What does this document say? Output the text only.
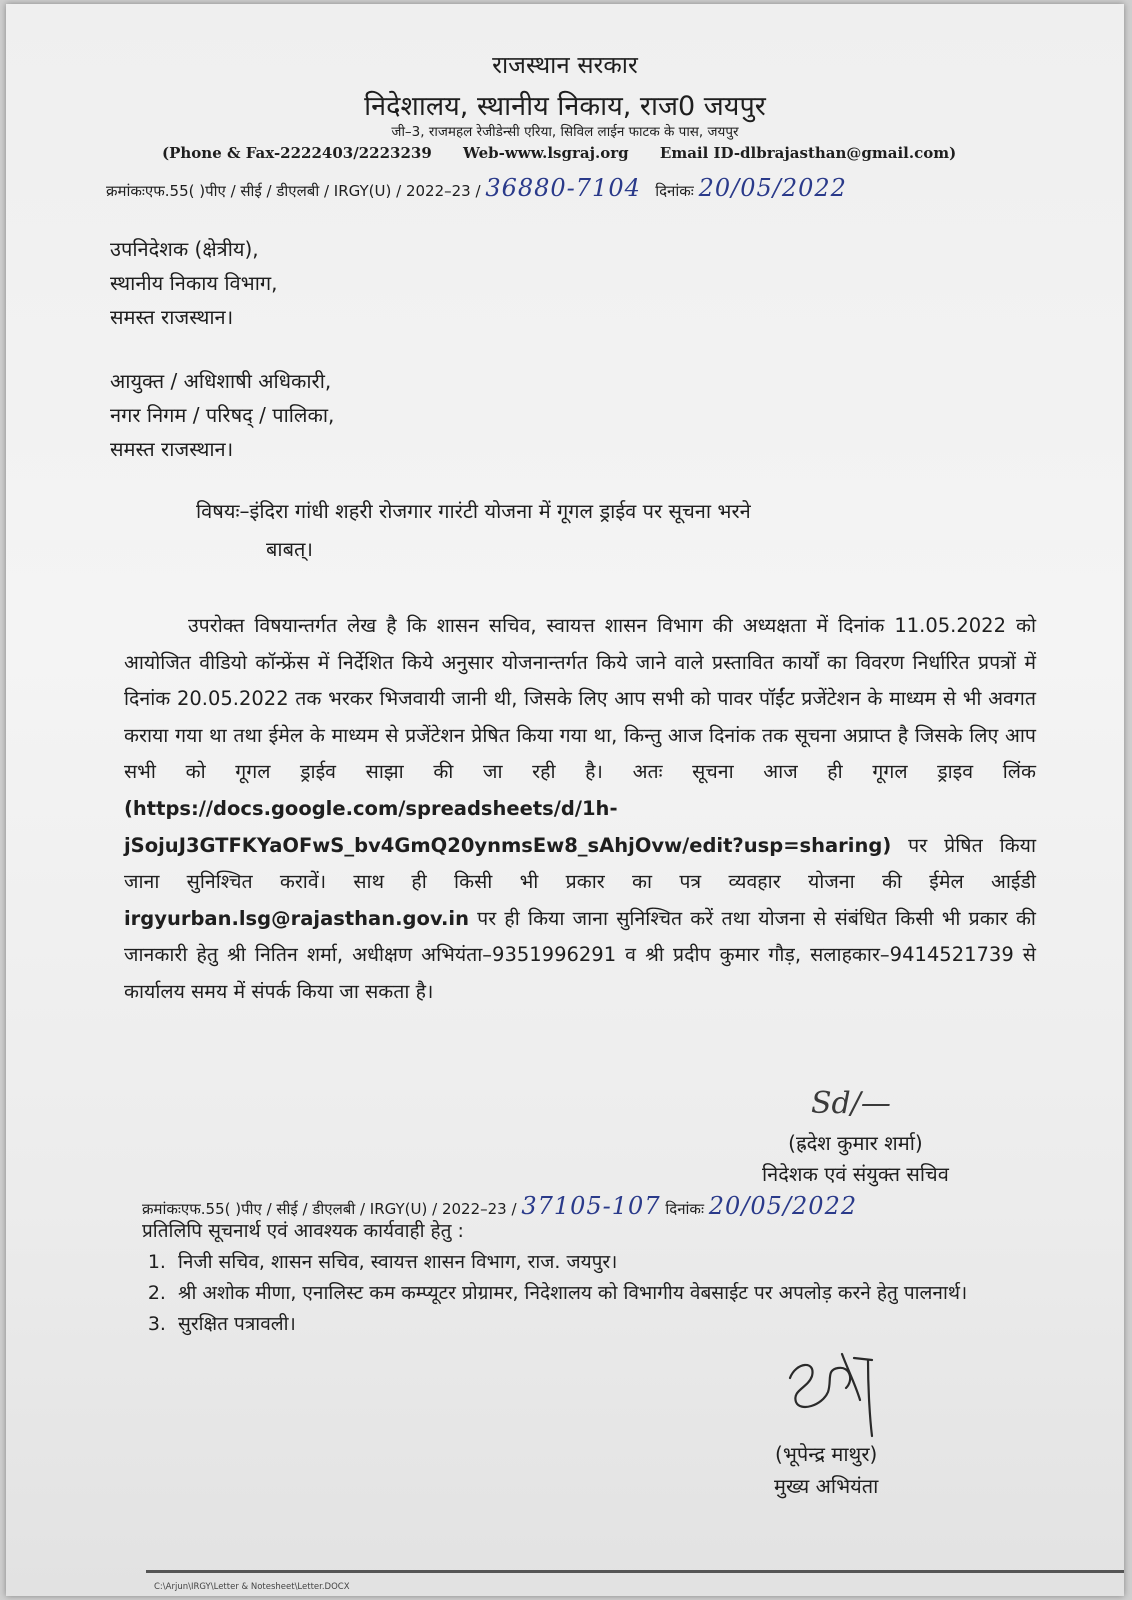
राजस्थान सरकार
निदेशालय, स्थानीय निकाय, राज0 जयपुर
जी–3, राजमहल रेजीडेन्सी एरिया, सिविल लाईन फाटक के पास, जयपुर
(Phone & Fax-2222403/2223239 Web-www.lsgraj.org Email ID-dlbrajasthan@gmail.com)
क्रमांकःएफ.55( )पीए / सीई / डीएलबी / IRGY(U) / 2022–23 / 36880-7104 दिनांकः 20/05/2022
उपनिदेशक (क्षेत्रीय),
स्थानीय निकाय विभाग,
समस्त राजस्थान।
आयुक्त / अधिशाषी अधिकारी,
नगर निगम / परिषद् / पालिका,
समस्त राजस्थान।
विषयः–इंदिरा गांधी शहरी रोजगार गारंटी योजना में गूगल ड्राईव पर सूचना भरने
बाबत्।

उपरोक्त विषयान्तर्गत लेख है कि शासन सचिव, स्वायत्त शासन विभाग की अध्यक्षता में दिनांक 11.05.2022 को आयोजित वीडियो कॉन्फ्रेंस में निर्देशित किये अनुसार योजनान्तर्गत किये जाने वाले प्रस्तावित कार्यों का विवरण निर्धारित प्रपत्रों में दिनांक 20.05.2022 तक भरकर भिजवायी जानी थी, जिसके लिए आप सभी को पावर पॉईंट प्रजेंटेशन के माध्यम से भी अवगत कराया गया था तथा ईमेल के माध्यम से प्रजेंटेशन प्रेषित किया गया था, किन्तु आज दिनांक तक सूचना अप्राप्त है जिसके लिए आप सभी को गूगल ड्राईव साझा की जा रही है। अतः सूचना आज ही गूगल ड्राइव लिंक (https://docs.google.com/spreadsheets/d/1h-jSojuJ3GTFKYaOFwS_bv4GmQ20ynmsEw8_sAhjOvw/edit?usp=sharing) पर प्रेषित किया जाना सुनिश्चित करावें। साथ ही किसी भी प्रकार का पत्र व्यवहार योजना की ईमेल आईडी irgyurban.lsg@rajasthan.gov.in पर ही किया जाना सुनिश्चित करें तथा योजना से संबंधित किसी भी प्रकार की जानकारी हेतु श्री नितिन शर्मा, अधीक्षण अभियंता–9351996291 व श्री प्रदीप कुमार गौड़, सलाहकार–9414521739 से कार्यालय समय में संपर्क किया जा सकता है।

Sd/—
(ह्रदेश कुमार शर्मा)
निदेशक एवं संयुक्त सचिव
क्रमांकःएफ.55( )पीए / सीई / डीएलबी / IRGY(U) / 2022–23 / 37105-107 दिनांकः 20/05/2022
प्रतिलिपि सूचनार्थ एवं आवश्यक कार्यवाही हेतु :
1. निजी सचिव, शासन सचिव, स्वायत्त शासन विभाग, राज. जयपुर।
2. श्री अशोक मीणा, एनालिस्ट कम कम्प्यूटर प्रोग्रामर, निदेशालय को विभागीय वेबसाईट पर अपलोड़ करने हेतु पालनार्थ।
3. सुरक्षित पत्रावली।
(भूपेन्द्र माथुर)
मुख्य अभियंता
C:\Arjun\IRGY\Letter & Notesheet\Letter.DOCX
